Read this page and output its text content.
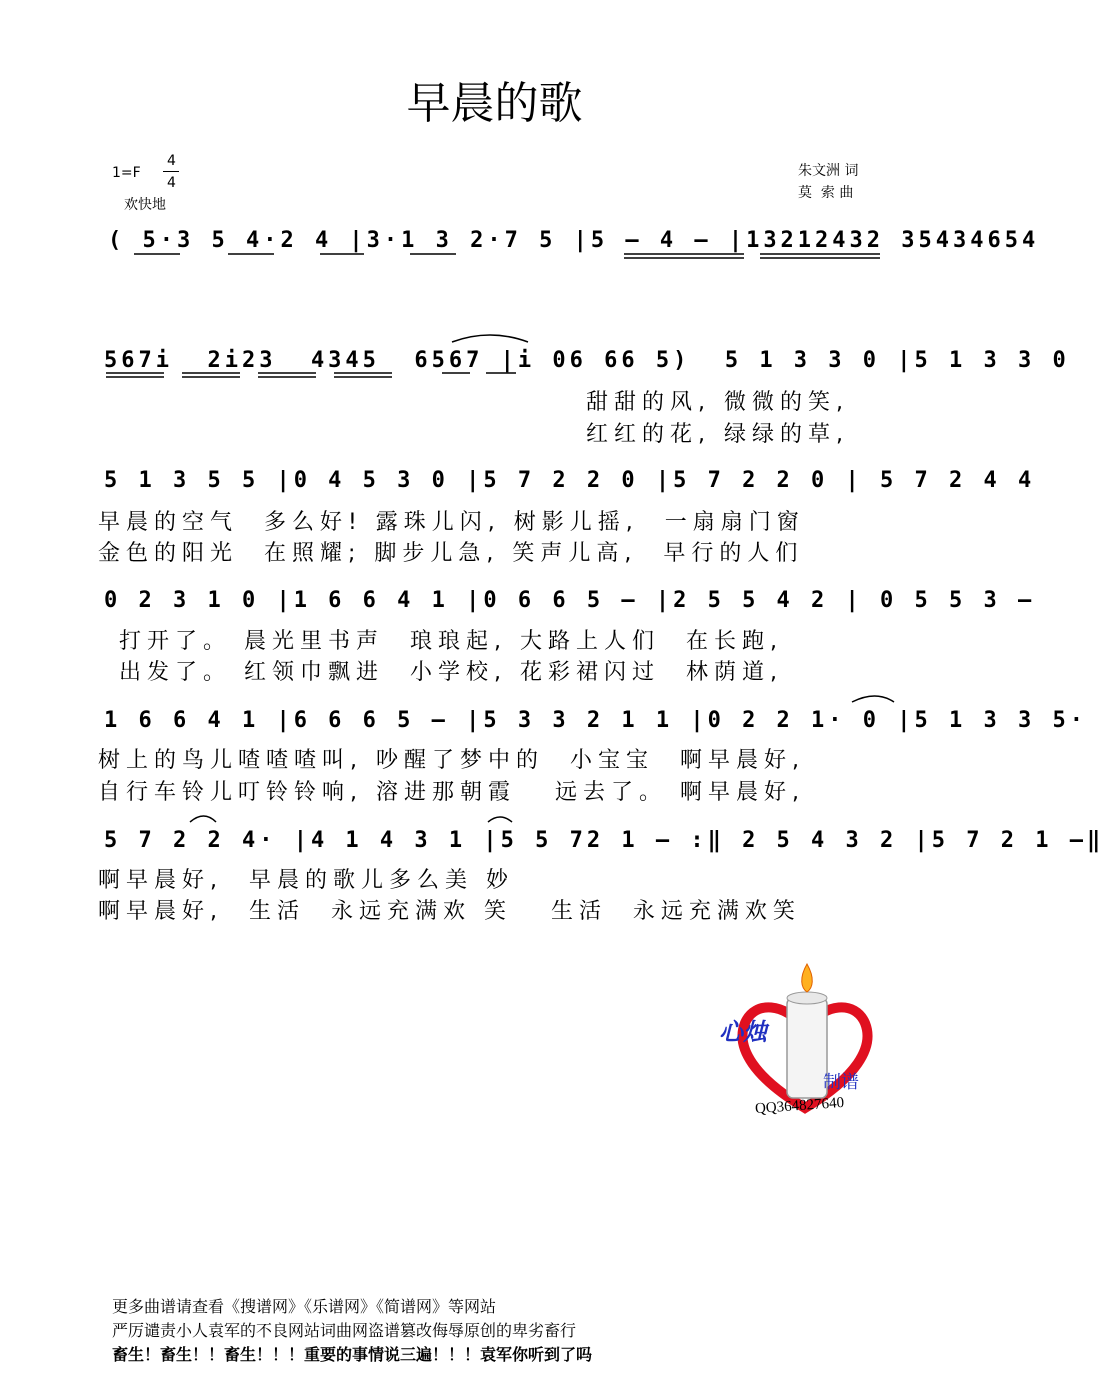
早晨的歌
1=F
4
4
欢快地
朱文洲 词
莫  索 曲
( 5·3 5 4·2 4 |3·1 3 2·7 5 |5 – 4 – |13212432 35434654
567i  2i23  4345  6567 |i 06 66 5)  5 1 3 3 0 |5 1 3 3 0
甜甜的风, 微微的笑,
红红的花, 绿绿的草,
5 1 3 5 5 |0 4 5 3 0 |5 7 2 2 0 |5 7 2 2 0 | 5 7 2 4 4
早晨的空气  多么好! 露珠儿闪, 树影儿摇,  一扇扇门窗
金色的阳光  在照耀; 脚步儿急, 笑声儿高,  早行的人们
0 2 3 1 0 |1 6 6 4 1 |0 6 6 5 – |2 5 5 4 2 | 0 5 5 3 –
打开了。 晨光里书声  琅琅起, 大路上人们  在长跑,
出发了。 红领巾飘进  小学校, 花彩裙闪过  林荫道,
1 6 6 4 1 |6 6 6 5 – |5 3 3 2 1 1 |0 2 2 1· 0 |5 1 3 3 5·
树上的鸟儿喳喳喳叫, 吵醒了梦中的  小宝宝  啊早晨好,
自行车铃儿叮铃铃响, 溶进那朝霞   远去了。 啊早晨好,
5 7 2 2 4· |4 1 4 3 1 |5 5 72 1 – :‖ 2 5 4 3 2 |5 7 2 1 –‖
啊早晨好,  早晨的歌儿多么美 妙
啊早晨好,  生活  永远充满欢 笑   生活  永远充满欢笑
心烛
制谱
QQ364827640
更多曲谱请查看《搜谱网》《乐谱网》《简谱网》等网站
严厉谴责小人袁军的不良网站词曲网盗谱篡改侮辱原创的卑劣畜行
畜生！畜生！！畜生！！！重要的事情说三遍！！！袁军你听到了吗
